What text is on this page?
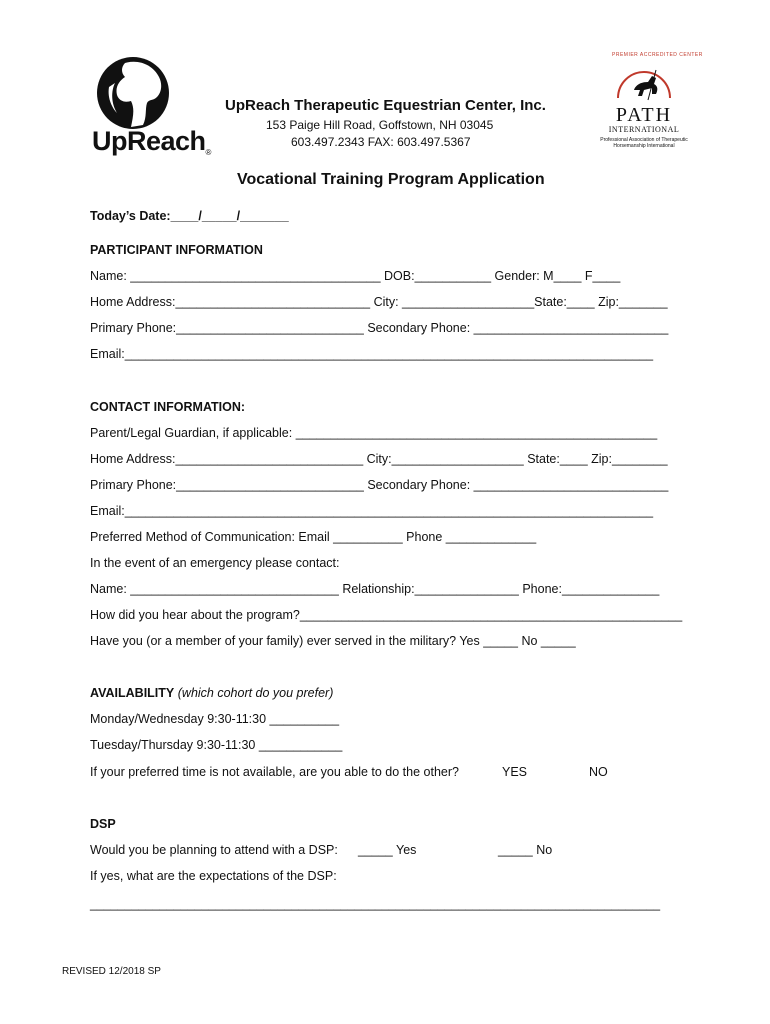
UpReach®
PREMIER ACCREDITED CENTER
PATH
INTERNATIONAL
Professional Association of Therapeutic
Horsemanship International
UpReach Therapeutic Equestrian Center, Inc.
153 Paige Hill Road, Goffstown, NH 03045
603.497.2343 FAX: 603.497.5367
Vocational Training Program Application
Today’s Date:____/_____/_______
PARTICIPANT INFORMATION
Name: ____________________________________ DOB:___________ Gender: M____ F____
Home Address:____________________________ City: ___________________State:____ Zip:_______
Primary Phone:___________________________ Secondary Phone: ____________________________
Email:____________________________________________________________________________
CONTACT INFORMATION:
Parent/Legal Guardian, if applicable: ____________________________________________________
Home Address:___________________________ City:___________________ State:____ Zip:________
Primary Phone:___________________________ Secondary Phone: ____________________________
Email:____________________________________________________________________________
Preferred Method of Communication: Email __________ Phone _____________
In the event of an emergency please contact:
Name: ______________________________ Relationship:_______________ Phone:______________
How did you hear about the program?_______________________________________________________
Have you (or a member of your family) ever served in the military? Yes _____ No _____
AVAILABILITY (which cohort do you prefer)
Monday/Wednesday 9:30-11:30 __________
Tuesday/Thursday 9:30-11:30 ____________
If your preferred time is not available, are you able to do the other?	YES	NO
DSP
Would you be planning to attend with a DSP: _____ Yes	_____ No
If yes, what are the expectations of the DSP:
__________________________________________________________________________________
REVISED 12/2018 SP
